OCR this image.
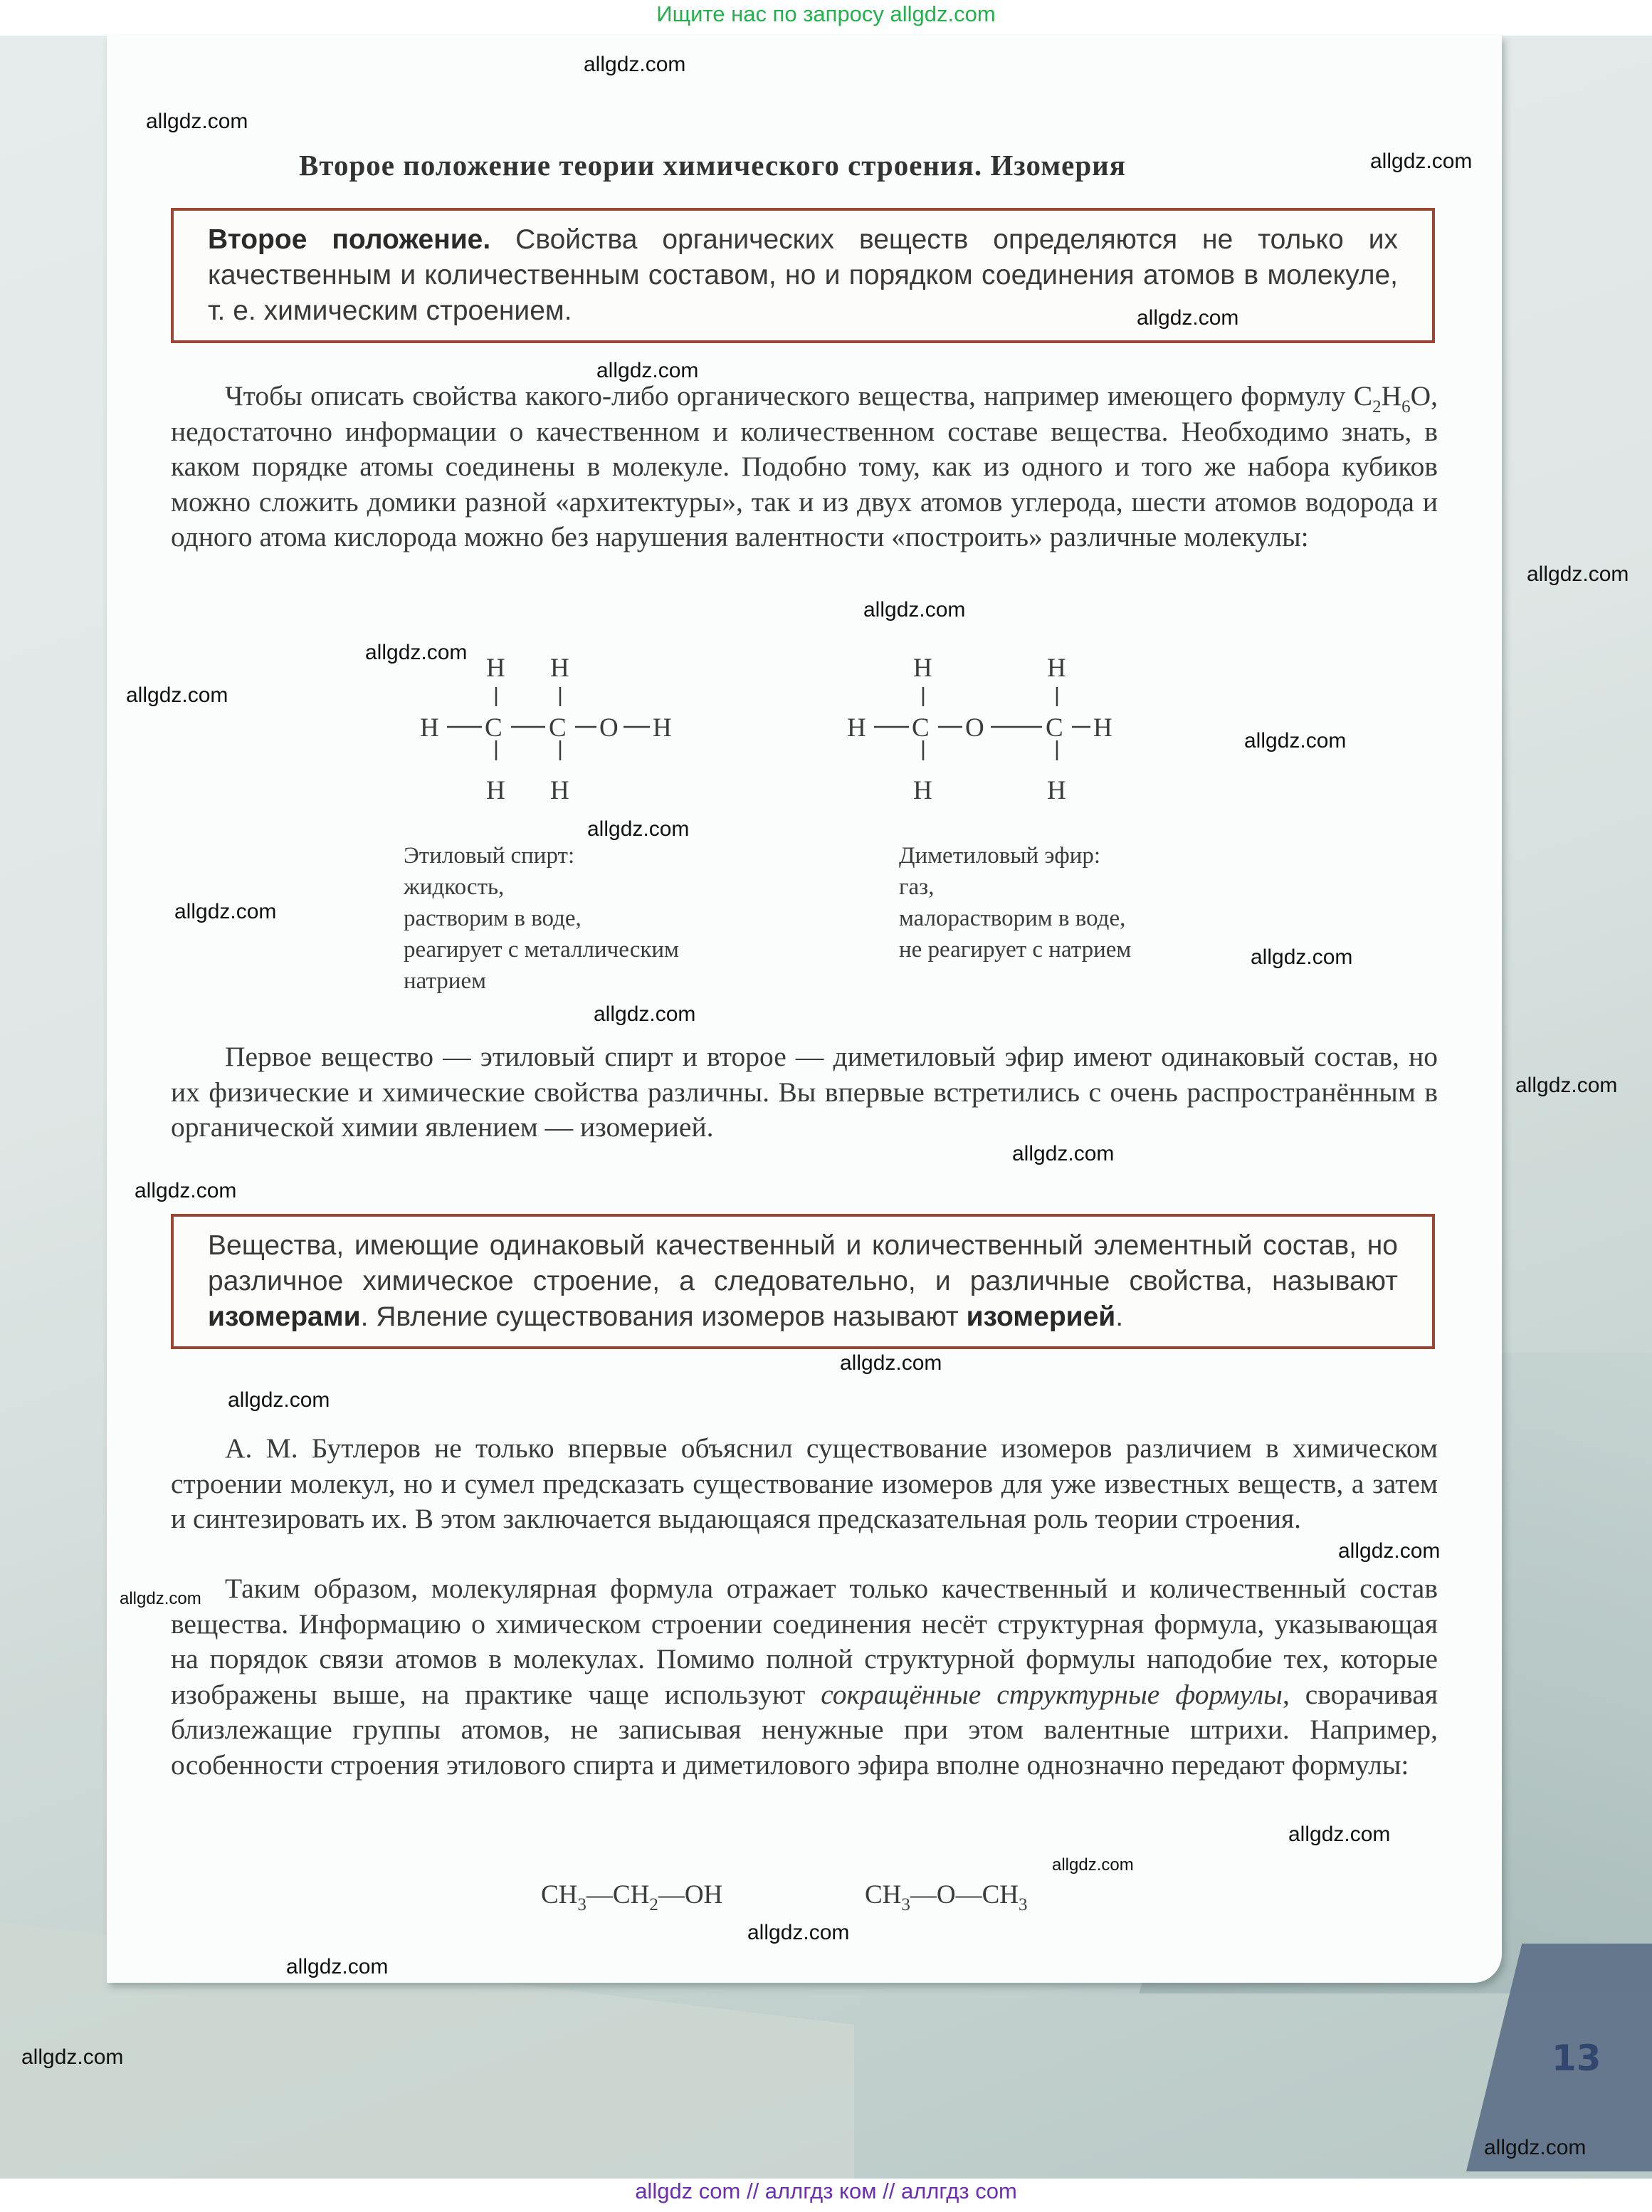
Ищите нас по запросу allgdz.com
Второе положение теории химического строения. Изомерия
Второе положение. Свойства органических веществ определяются не только их качественным и количественным составом, но и порядком соединения атомов в молекуле, т. е. химическим строением.

Чтобы описать свойства какого-либо органического вещества, например имеющего формулу $C_2H_6O$, недостаточно информации о качественном и количественном составе вещества. Необходимо знать, в каком порядке атомы соединены в молекуле. Подобно тому, как из одного и того же набора кубиков можно сложить домики разной «архитектуры», так и из двух атомов углерода, шести атомов водорода и одного атома кислорода можно без нарушения валентности «построить» различные молекулы:

H H
H C C O H
H H
H	H
H C O C H
H	H
Этиловый спирт:
жидкость,
растворим в воде,
реагирует с металлическим
натрием
Диметиловый эфир:
газ,
малорастворим в воде,
не реагирует с натрием

Первое вещество — этиловый спирт и второе — диметиловый эфир имеют одинаковый состав, но их физические и химические свойства различны. Вы впервые встретились с очень распространённым в органической химии явлением — изомерией.

Вещества, имеющие одинаковый качественный и количественный элементный состав, но различное химическое строение, а следовательно, и различные свойства, называют изомерами. Явление существования изомеров называют изомерией.

А. М. Бутлеров не только впервые объяснил существование изомеров различием в химическом строении молекул, но и сумел предсказать существование изомеров для уже известных веществ, а затем и синтезировать их. В этом заключается выдающаяся предсказательная роль теории строения.

Таким образом, молекулярная формула отражает только качественный и количественный состав вещества. Информацию о химическом строении соединения несёт структурная формула, указывающая на порядок связи атомов в молекулах. Помимо полной структурной формулы наподобие тех, которые изображены выше, на практике чаще используют сокращённые структурные формулы, сворачивая близлежащие группы атомов, не записывая ненужные при этом валентные штрихи. Например, особенности строения этилового спирта и диметилового эфира вполне однозначно передают формулы:

$CH_3—CH_2—OH$	$CH_3—O—CH_3$
13
allgdz.com
allgdz.com
allgdz.com
allgdz.com
allgdz.com
allgdz.com
allgdz.com
allgdz.com
allgdz.com
allgdz.com
allgdz.com
allgdz.com
allgdz.com
allgdz.com
allgdz.com
allgdz.com
allgdz.com
allgdz.com
allgdz.com
allgdz.com
allgdz.com
allgdz.com
allgdz.com
allgdz.com
allgdz.com
allgdz.com
allgdz.com
allgdz com // аллгдз ком // аллгдз com
